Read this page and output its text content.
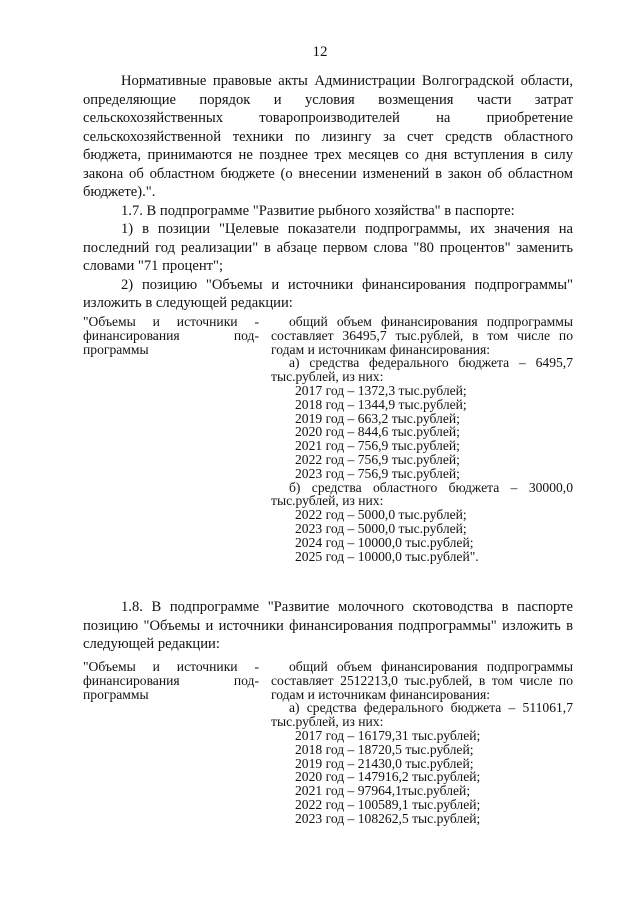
12

Нормативные правовые акты Администрации Волгоградской области, определяющие порядок и условия возмещения части затрат сельскохозяйственных товаропроизводителей на приобретение сельскохозяйственной техники по лизингу за счет средств областного бюджета, принимаются не позднее трех месяцев со дня вступления в силу закона об областном бюджете (о внесении изменений в закон об областном бюджете).".

1.7. В подпрограмме "Развитие рыбного хозяйства" в паспорте:

1) в позиции "Целевые показатели подпрограммы, их значения на последний год реализации" в абзаце первом слова "80 процентов" заменить словами "71 процент";

2) позицию "Объемы и источники финансирования подпрограммы" изложить в следующей редакции:

"Объемы и источники - финансирования под- программы

общий объем финансирования подпрограммы составляет 36495,7 тыс.рублей, в том числе по годам и источникам финансирования:

а) средства федерального бюджета – 6495,7 тыс.рублей, из них:

2017 год – 1372,3 тыс.рублей;

2018 год – 1344,9 тыс.рублей;

2019 год – 663,2 тыс.рублей;

2020 год – 844,6 тыс.рублей;

2021 год – 756,9 тыс.рублей;

2022 год – 756,9 тыс.рублей;

2023 год – 756,9 тыс.рублей;

б) средства областного бюджета – 30000,0 тыс.рублей, из них:

2022 год – 5000,0 тыс.рублей;

2023 год – 5000,0 тыс.рублей;

2024 год – 10000,0 тыс.рублей;

2025 год – 10000,0 тыс.рублей".

1.8. В подпрограмме "Развитие молочного скотоводства в паспорте позицию "Объемы и источники финансирования подпрограммы" изложить в следующей редакции:

"Объемы и источники - финансирования под- программы

общий объем финансирования подпрограммы составляет 2512213,0 тыс.рублей, в том числе по годам и источникам финансирования:

а) средства федерального бюджета – 511061,7 тыс.рублей, из них:

2017 год – 16179,31 тыс.рублей;

2018 год – 18720,5 тыс.рублей;

2019 год – 21430,0 тыс.рублей;

2020 год – 147916,2 тыс.рублей;

2021 год – 97964,1тыс.рублей;

2022 год – 100589,1 тыс.рублей;

2023 год – 108262,5 тыс.рублей;
